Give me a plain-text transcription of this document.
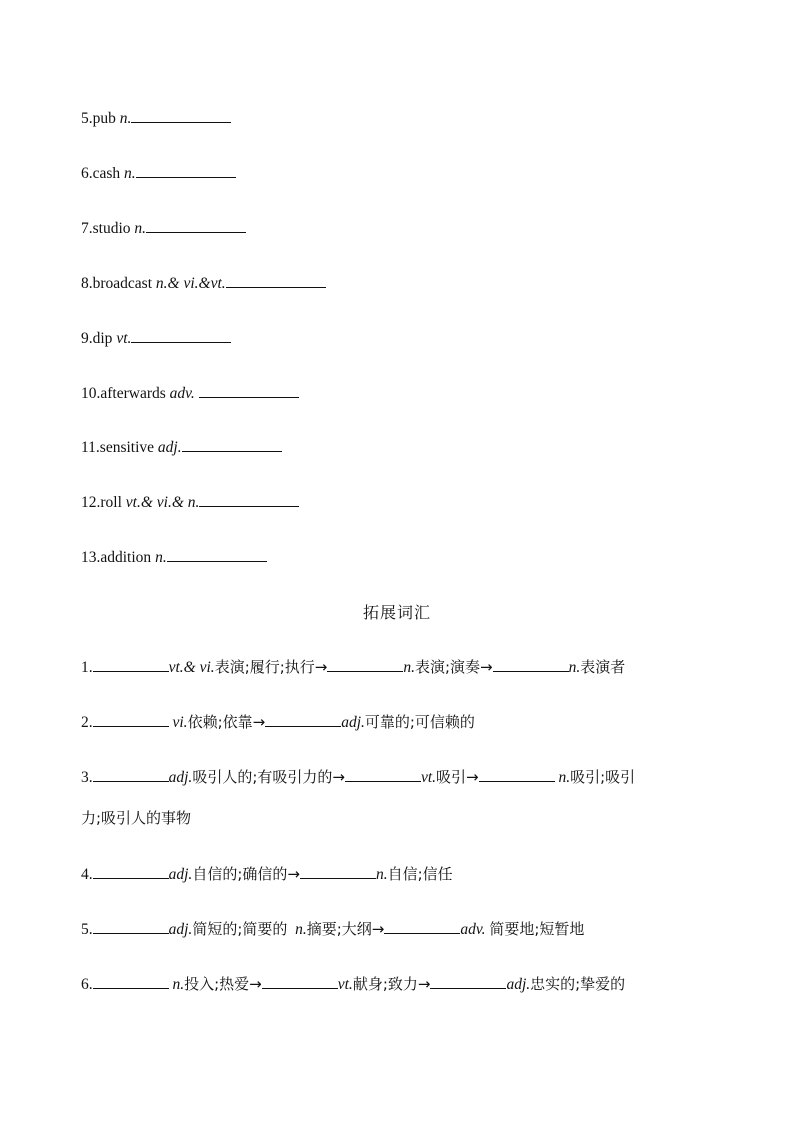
5.pub n.
6.cash n.
7.studio n.
8.broadcast n.& vi.&vt.
9.dip vt.
10.afterwards adv.
11.sensitive adj.
12.roll vt.& vi.& n.
13.addition n.
拓展词汇
1.	vt.& vi.表演;履行;执行→	n.表演;演奏→	n.表演者
2.	vi.依赖;依靠→	adj.可靠的;可信赖的
3.	adj.吸引人的;有吸引力的→	vt.吸引→	n.吸引;吸引
力;吸引人的事物
4.	adj.自信的;确信的→	n.自信;信任
5.	adj.简短的;简要的 n.摘要;大纲→	adv. 简要地;短暂地
6.	n.投入;热爱→	vt.献身;致力→	adj.忠实的;挚爱的
